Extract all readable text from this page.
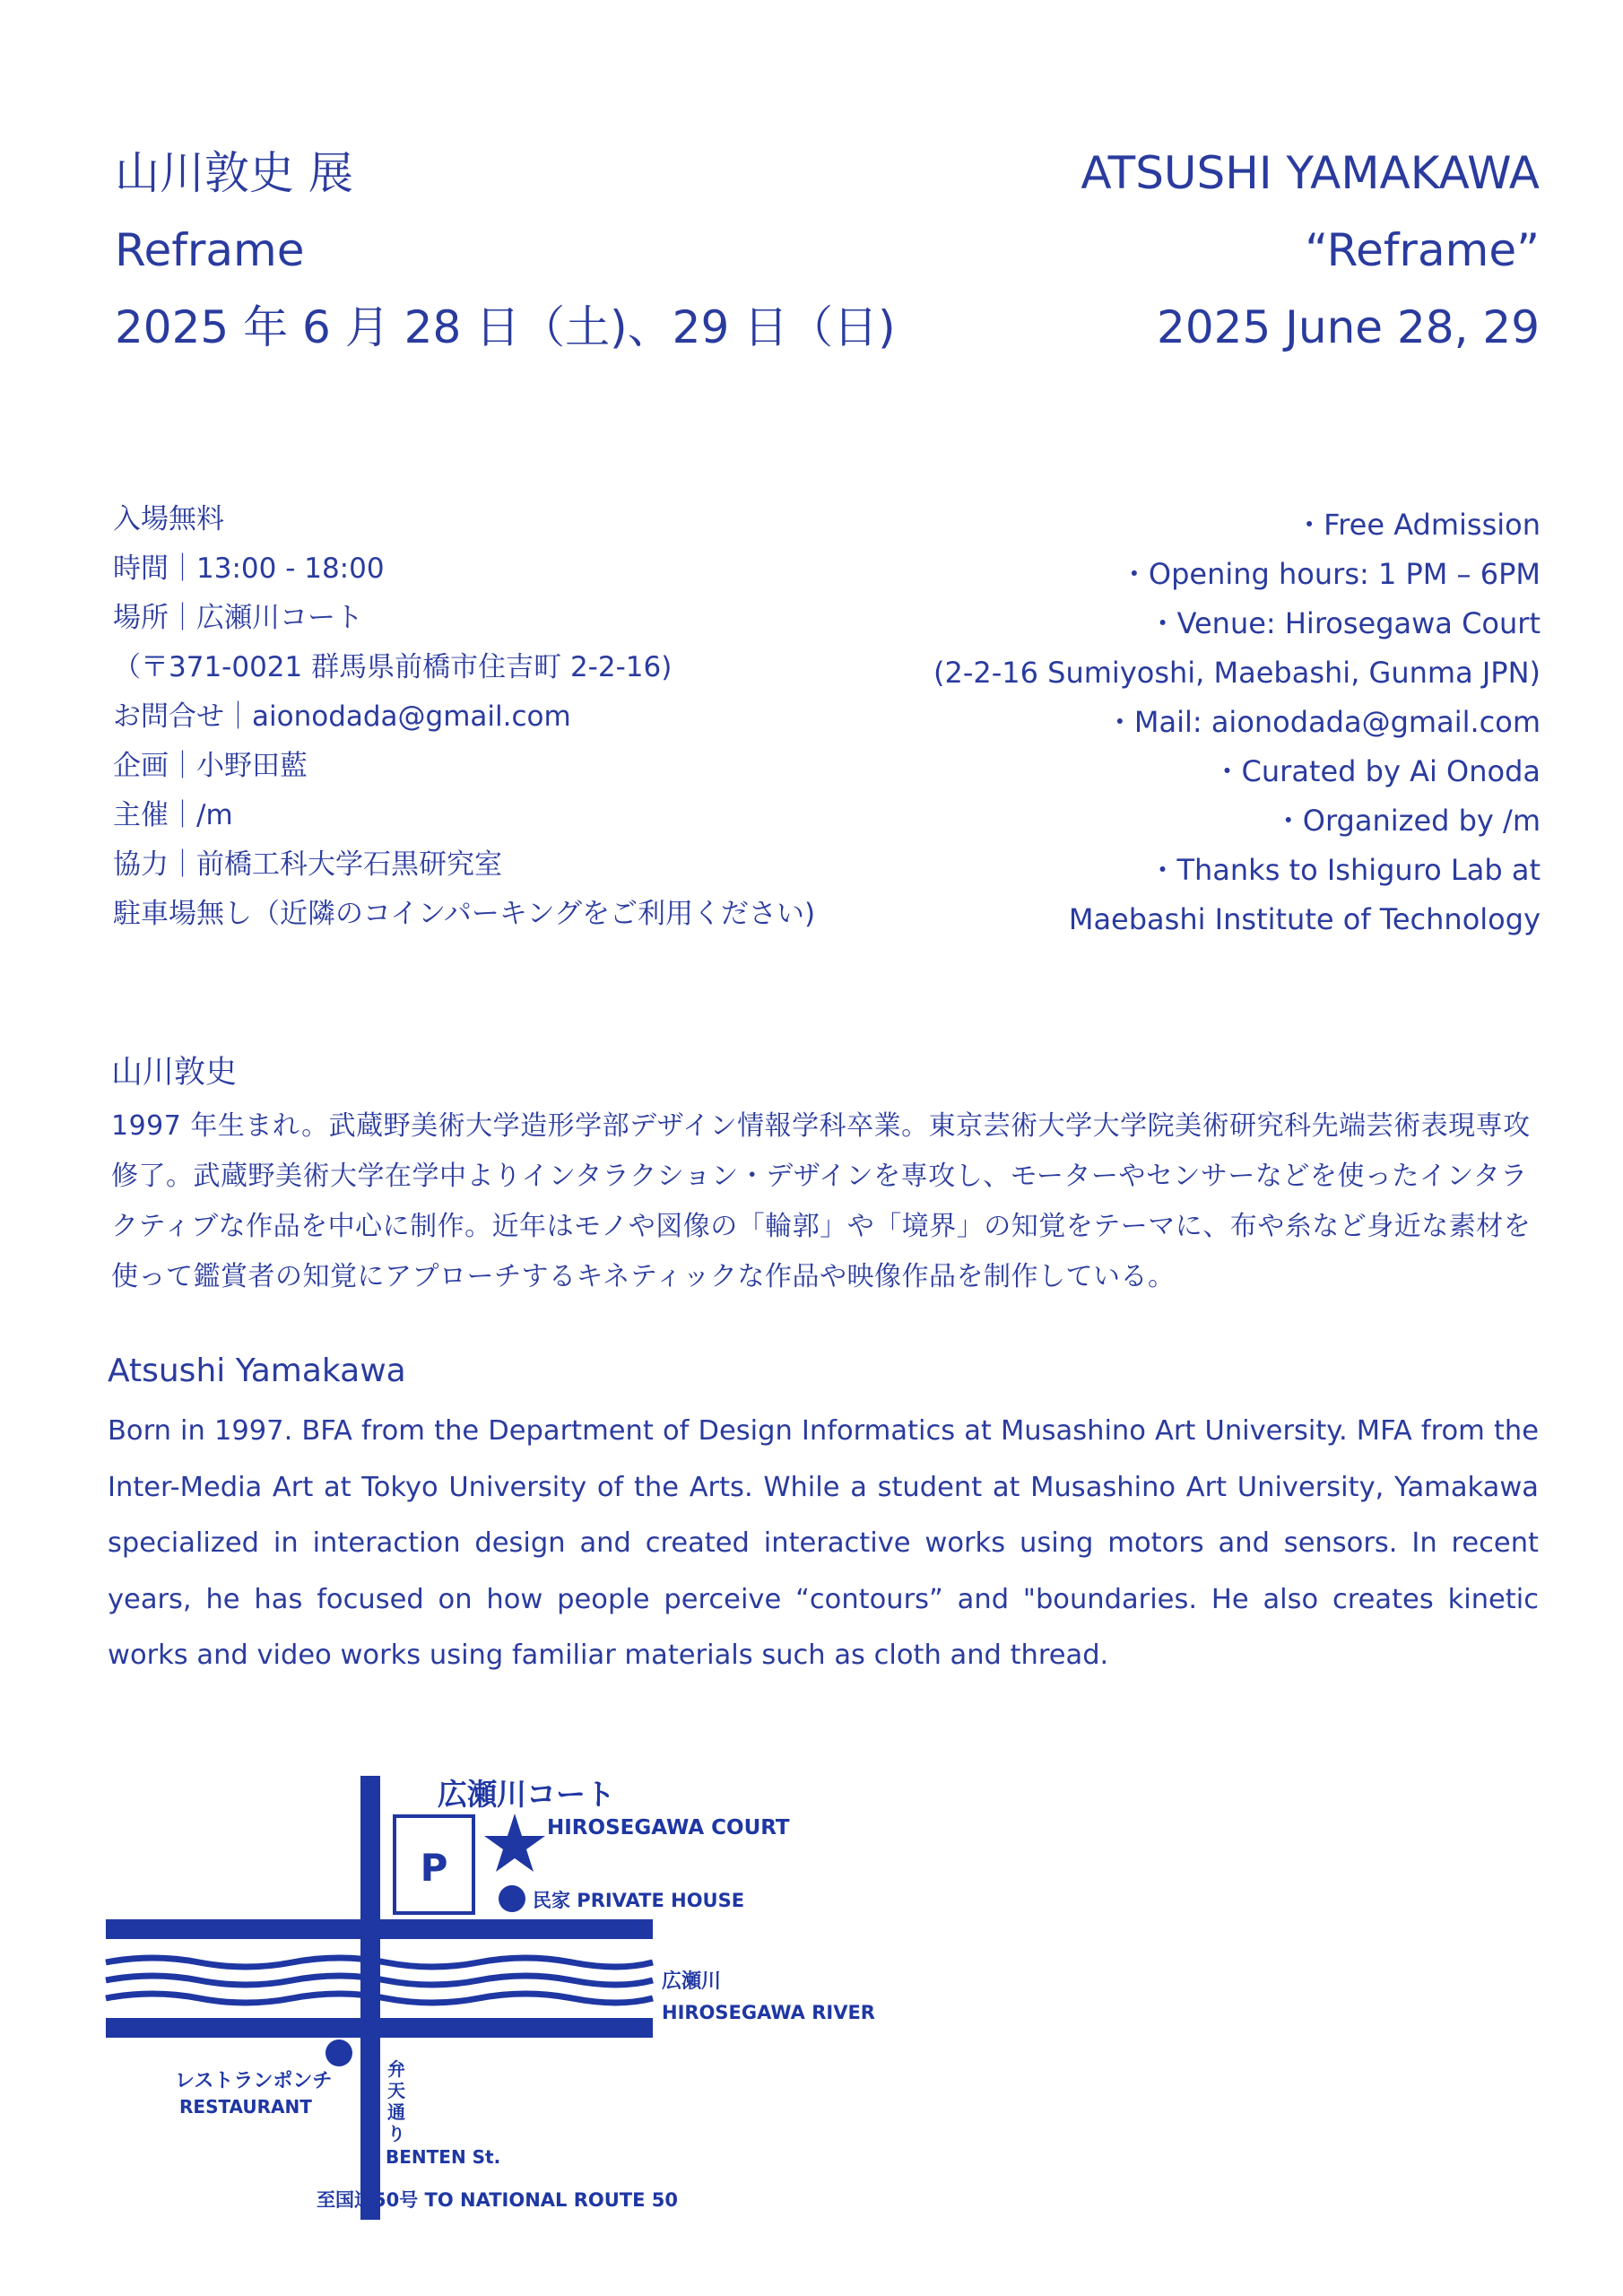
山川敦史 展
Reframe
2025 年 6 月 28 日（土)、29 日（日)
ATSUSHI YAMAKAWA
“Reframe”
2025 June 28, 29
入場無料
時間｜13:00 - 18:00
場所｜広瀬川コート
（〒371-0021 群馬県前橋市住吉町 2-2-16)
お問合せ｜aionodada@gmail.com
企画｜小野田藍
主催｜/m
協力｜前橋工科大学石黒研究室
駐車場無し（近隣のコインパーキングをご利用ください)
・Free Admission
・Opening hours: 1 PM – 6PM
・Venue: Hirosegawa Court
(2-2-16 Sumiyoshi, Maebashi, Gunma JPN)
・Mail: aionodada@gmail.com
・Curated by Ai Onoda
・Organized by /m
・Thanks to Ishiguro Lab at
Maebashi Institute of Technology
山川敦史
1997 年生まれ。武蔵野美術大学造形学部デザイン情報学科卒業。東京芸術大学大学院美術研究科先端芸術表現専攻修了。武蔵野美術大学在学中よりインタラクション・デザインを専攻し、モーターやセンサーなどを使ったインタラクティブな作品を中心に制作。近年はモノや図像の「輪郭」や「境界」の知覚をテーマに、布や糸など身近な素材を使って鑑賞者の知覚にアプローチするキネティックな作品や映像作品を制作している。
Atsushi Yamakawa
Born in 1997. BFA from the Department of Design Informatics at Musashino Art University. MFA from the Inter-Media Art at Tokyo University of the Arts. While a student at Musashino Art University, Yamakawa specialized in interaction design and created interactive works using motors and sensors. In recent years, he has focused on how people perceive “contours” and "boundaries. He also creates kinetic works and video works using familiar materials such as cloth and thread.
P
広瀬川コート
HIROSEGAWA COURT
民家 PRIVATE HOUSE
広瀬川
HIROSEGAWA RIVER
レストランポンチ
RESTAURANT
弁
天
通
り
BENTEN St.
至国道50号 TO NATIONAL ROUTE 50
